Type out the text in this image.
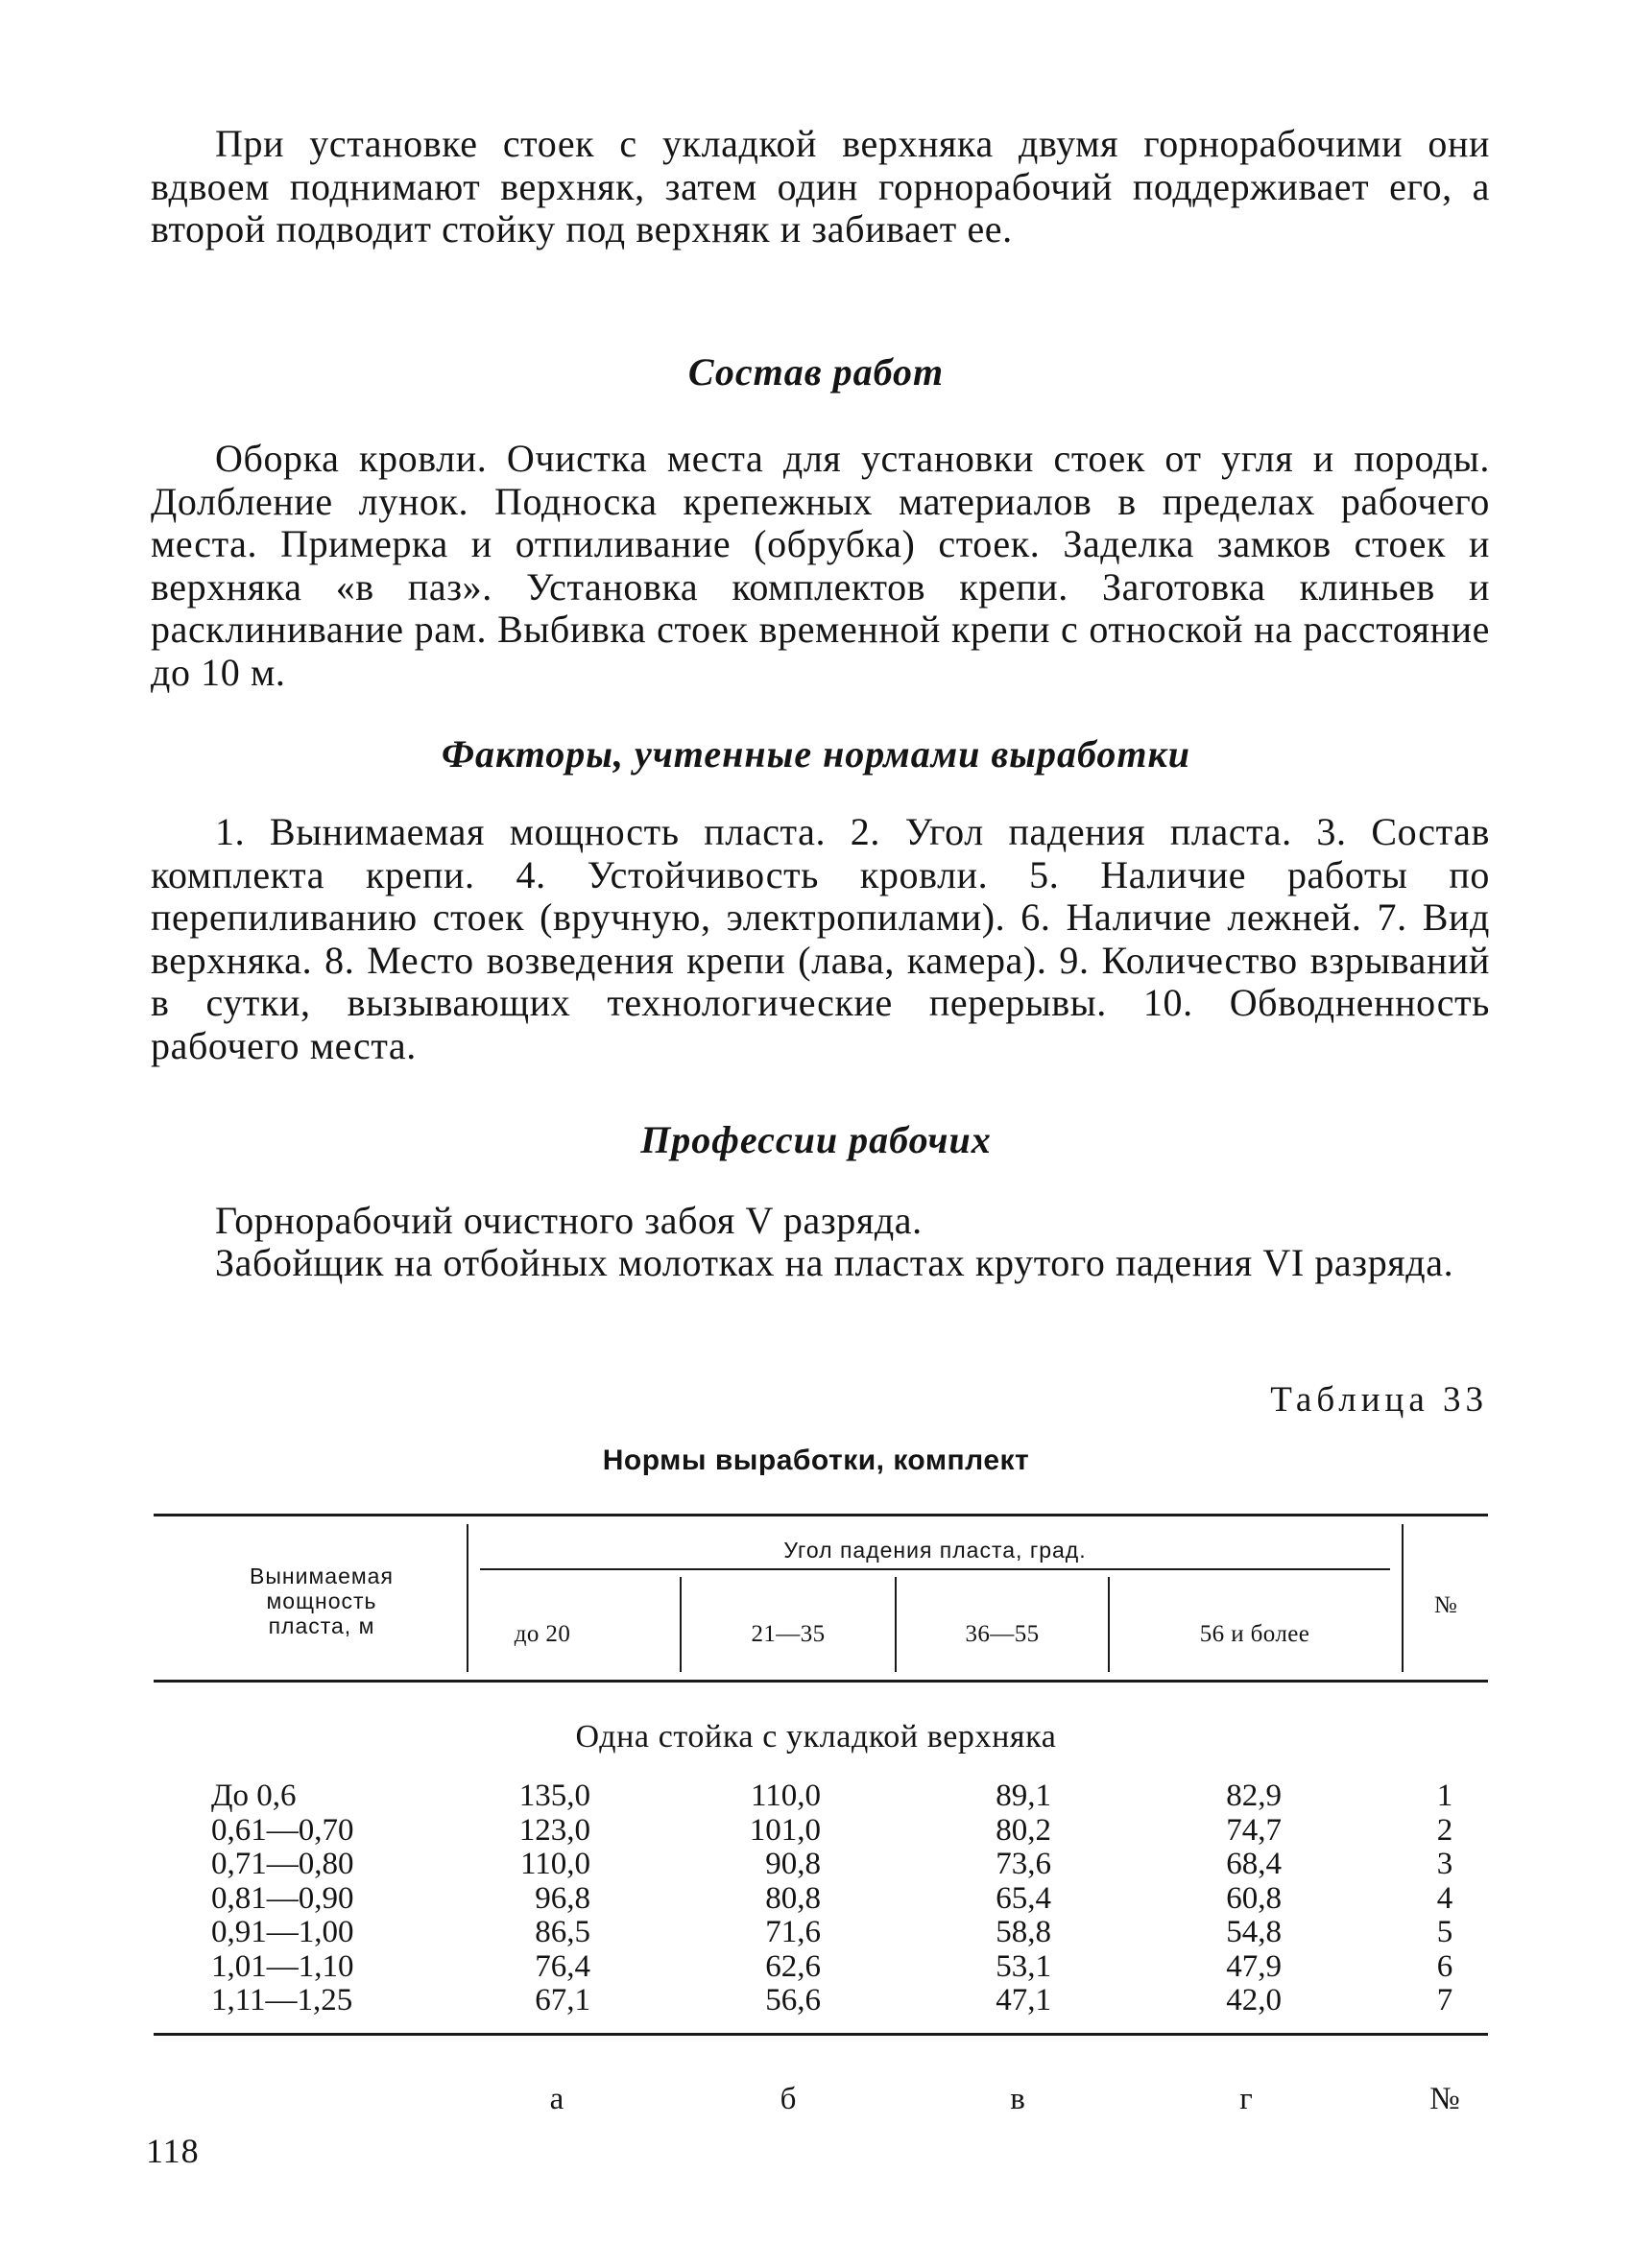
При установке стоек с укладкой верхняка двумя горнорабочими они вдвоем поднимают верхняк, затем один горнорабочий поддерживает его, а второй подводит стойку под верхняк и забивает ее.

Состав работ

Оборка кровли. Очистка места для установки стоек от угля и породы. Долбление лунок. Подноска крепежных материалов в пределах рабочего места. Примерка и отпиливание (обрубка) стоек. Заделка замков стоек и верхняка «в паз». Установка комплектов крепи. Заготовка клиньев и расклинивание рам. Выбивка стоек временной крепи с отноской на расстояние до 10 м.

Факторы, учтенные нормами выработки

1. Вынимаемая мощность пласта. 2. Угол падения пласта. 3. Состав комплекта крепи. 4. Устойчивость кровли. 5. Наличие работы по перепиливанию стоек (вручную, электропилами). 6. Наличие лежней. 7. Вид верхняка. 8. Место возведения крепи (лава, камера). 9. Количество взрываний в сутки, вызывающих технологические перерывы. 10. Обводненность рабочего места.

Профессии рабочих

Горнорабочий очистного забоя V разряда.

Забойщик на отбойных молотках на пластах крутого падения VI разряда.

Таблица 33

Нормы выработки, комплект

Вынимаемая
мощность
пласта, м
Угол падения пласта, град.
до 20	21—35	36—55	56 и более
№
Одна стойка с укладкой верхняка
До 0,6	135,0	110,0	89,1	82,9	1
0,61—0,70	123,0	101,0	80,2	74,7	2
0,71—0,80	110,0	90,8	73,6	68,4	3
0,81—0,90	96,8	80,8	65,4	60,8	4
0,91—1,00	86,5	71,6	58,8	54,8	5
1,01—1,10	76,4	62,6	53,1	47,9	6
1,11—1,25	67,1	56,6	47,1	42,0	7
а	б	в	г	№
118
